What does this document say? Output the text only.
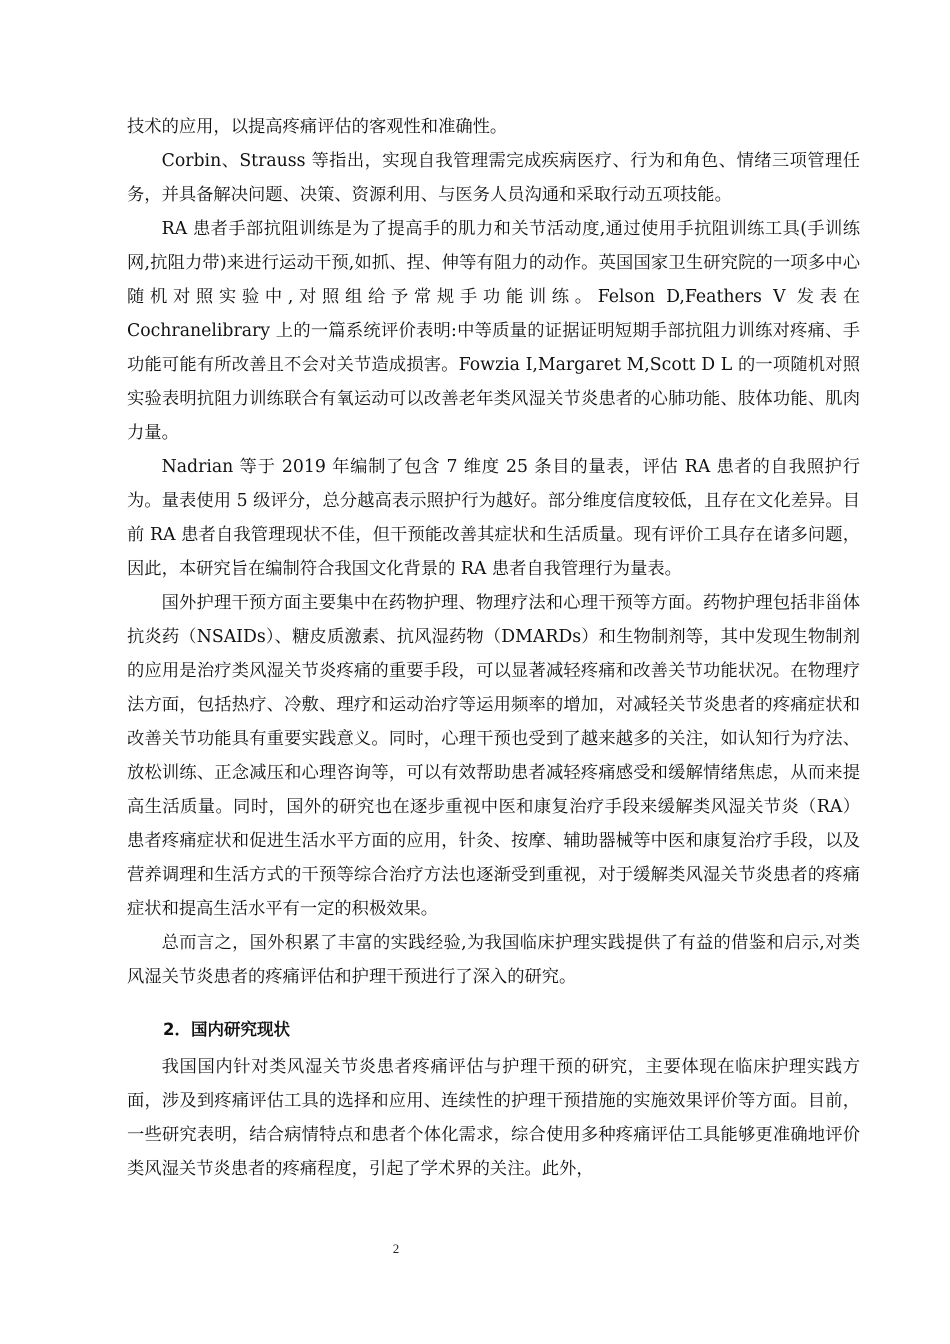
技术的应用，以提高疼痛评估的客观性和准确性。

Corbin、Strauss 等指出，实现自我管理需完成疾病医疗、行为和角色、情绪三项管理任务，并具备解决问题、决策、资源利用、与医务人员沟通和采取行动五项技能。

RA 患者手部抗阻训练是为了提高手的肌力和关节活动度,通过使用手抗阻训练工具(手训练网,抗阻力带)来进行运动干预,如抓、捏、伸等有阻力的动作。英国国家卫生研究院的一项多中心随机对照实验中,对照组给予常规手功能训练。Felson D,Feathers V 发表在 Cochranelibrary 上的一篇系统评价表明:中等质量的证据证明短期手部抗阻力训练对疼痛、手功能可能有所改善且不会对关节造成损害。Fowzia I,Margaret M,Scott D L 的一项随机对照实验表明抗阻力训练联合有氧运动可以改善老年类风湿关节炎患者的心肺功能、肢体功能、肌肉力量。

Nadrian 等于 2019 年编制了包含 7 维度 25 条目的量表，评估 RA 患者的自我照护行为。量表使用 5 级评分，总分越高表示照护行为越好。部分维度信度较低，且存在文化差异。目前 RA 患者自我管理现状不佳，但干预能改善其症状和生活质量。现有评价工具存在诸多问题，因此，本研究旨在编制符合我国文化背景的 RA 患者自我管理行为量表。

国外护理干预方面主要集中在药物护理、物理疗法和心理干预等方面。药物护理包括非甾体抗炎药（NSAIDs）、糖皮质激素、抗风湿药物（DMARDs）和生物制剂等，其中发现生物制剂的应用是治疗类风湿关节炎疼痛的重要手段，可以显著减轻疼痛和改善关节功能状况。在物理疗法方面，包括热疗、冷敷、理疗和运动治疗等运用频率的增加，对减轻关节炎患者的疼痛症状和改善关节功能具有重要实践意义。同时，心理干预也受到了越来越多的关注，如认知行为疗法、放松训练、正念减压和心理咨询等，可以有效帮助患者减轻疼痛感受和缓解情绪焦虑，从而来提高生活质量。同时，国外的研究也在逐步重视中医和康复治疗手段来缓解类风湿关节炎（RA）患者疼痛症状和促进生活水平方面的应用，针灸、按摩、辅助器械等中医和康复治疗手段，以及营养调理和生活方式的干预等综合治疗方法也逐渐受到重视，对于缓解类风湿关节炎患者的疼痛症状和提高生活水平有一定的积极效果。

总而言之，国外积累了丰富的实践经验,为我国临床护理实践提供了有益的借鉴和启示,对类风湿关节炎患者的疼痛评估和护理干预进行了深入的研究。

2．国内研究现状

我国国内针对类风湿关节炎患者疼痛评估与护理干预的研究，主要体现在临床护理实践方面，涉及到疼痛评估工具的选择和应用、连续性的护理干预措施的实施效果评价等方面。目前，一些研究表明，结合病情特点和患者个体化需求，综合使用多种疼痛评估工具能够更准确地评价类风湿关节炎患者的疼痛程度，引起了学术界的关注。此外，

2
